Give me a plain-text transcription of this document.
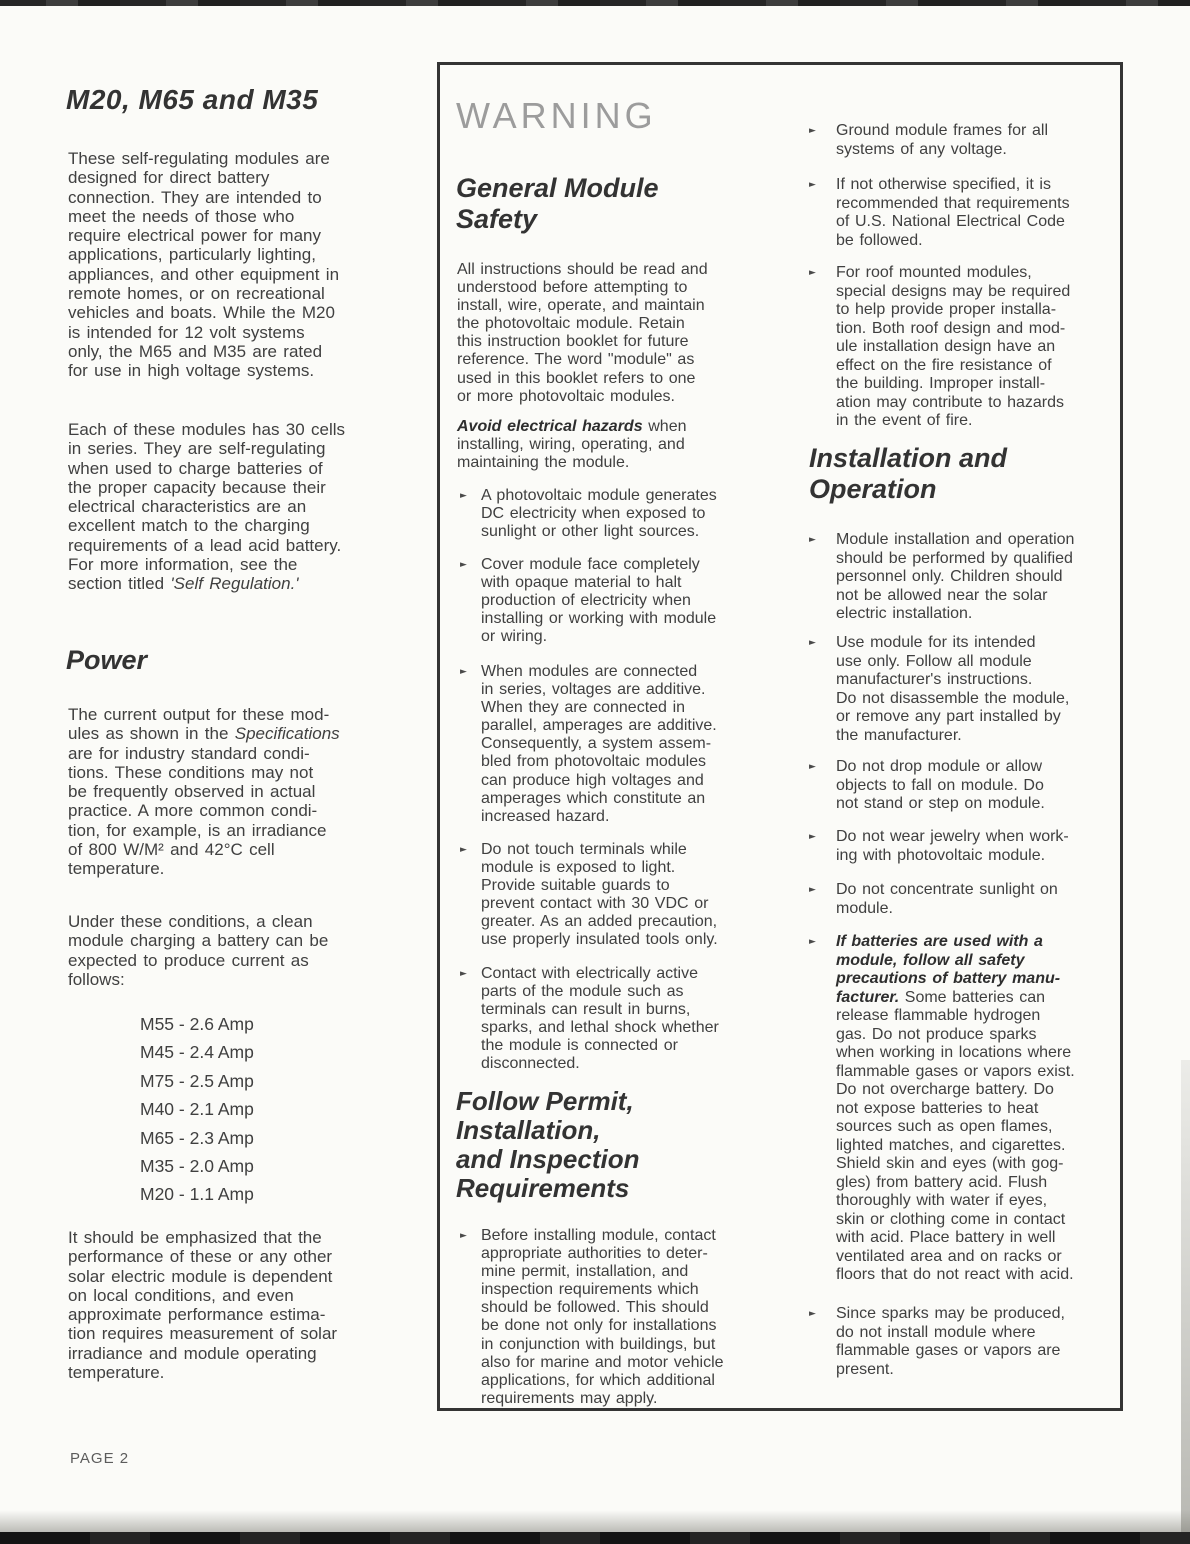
M20, M65 and M35

These self-regulating modules are
designed for direct battery
connection. They are intended to
meet the needs of those who
require electrical power for many
applications, particularly lighting,
appliances, and other equipment in
remote homes, or on recreational
vehicles and boats. While the M20
is intended for 12 volt systems
only, the M65 and M35 are rated
for use in high voltage systems.

Each of these modules has 30 cells
in series. They are self-regulating
when used to charge batteries of
the proper capacity because their
electrical characteristics are an
excellent match to the charging
requirements of a lead acid battery.
For more information, see the
section titled 'Self Regulation.'

Power

The current output for these mod-
ules as shown in the Specifications
are for industry standard condi-
tions. These conditions may not
be frequently observed in actual
practice. A more common condi-
tion, for example, is an irradiance
of 800 W/M² and 42°C cell
temperature.

Under these conditions, a clean
module charging a battery can be
expected to produce current as
follows:

M55 - 2.6 Amp
M45 - 2.4 Amp
M75 - 2.5 Amp
M40 - 2.1 Amp
M65 - 2.3 Amp
M35 - 2.0 Amp
M20 - 1.1 Amp

It should be emphasized that the
performance of these or any other
solar electric module is dependent
on local conditions, and even
approximate performance estima-
tion requires measurement of solar
irradiance and module operating
temperature.

PAGE 2
WARNING
General Module
Safety

All instructions should be read and
understood before attempting to
install, wire, operate, and maintain
the photovoltaic module. Retain
this instruction booklet for future
reference. The word "module" as
used in this booklet refers to one
or more photovoltaic modules.

Avoid electrical hazards when
installing, wiring, operating, and
maintaining the module.

► A photovoltaic module generates
DC electricity when exposed to
sunlight or other light sources.
► Cover module face completely
with opaque material to halt
production of electricity when
installing or working with module
or wiring.
► When modules are connected
in series, voltages are additive.
When they are connected in
parallel, amperages are additive.
Consequently, a system assem-
bled from photovoltaic modules
can produce high voltages and
amperages which constitute an
increased hazard.
► Do not touch terminals while
module is exposed to light.
Provide suitable guards to
prevent contact with 30 VDC or
greater. As an added precaution,
use properly insulated tools only.
► Contact with electrically active
parts of the module such as
terminals can result in burns,
sparks, and lethal shock whether
the module is connected or
disconnected.
Follow Permit,
Installation,
and Inspection
Requirements
► Before installing module, contact
appropriate authorities to deter-
mine permit, installation, and
inspection requirements which
should be followed. This should
be done not only for installations
in conjunction with buildings, but
also for marine and motor vehicle
applications, for which additional
requirements may apply.
►	Ground module frames for all
systems of any voltage.
►	If not otherwise specified, it is
recommended that requirements
of U.S. National Electrical Code
be followed.
►	For roof mounted modules,
special designs may be required
to help provide proper installa-
tion. Both roof design and mod-
ule installation design have an
effect on the fire resistance of
the building. Improper install-
ation may contribute to hazards
in the event of fire.
Installation and
Operation
►	Module installation and operation
should be performed by qualified
personnel only. Children should
not be allowed near the solar
electric installation.
►	Use module for its intended
use only. Follow all module
manufacturer's instructions.
Do not disassemble the module,
or remove any part installed by
the manufacturer.
►	Do not drop module or allow
objects to fall on module. Do
not stand or step on module.
►	Do not wear jewelry when work-
ing with photovoltaic module.
►	Do not concentrate sunlight on
module.
►	If batteries are used with a
module, follow all safety
precautions of battery manu-
facturer. Some batteries can
release flammable hydrogen
gas. Do not produce sparks
when working in locations where
flammable gases or vapors exist.
Do not overcharge battery. Do
not expose batteries to heat
sources such as open flames,
lighted matches, and cigarettes.
Shield skin and eyes (with gog-
gles) from battery acid. Flush
thoroughly with water if eyes,
skin or clothing come in contact
with acid. Place battery in well
ventilated area and on racks or
floors that do not react with acid.
►	Since sparks may be produced,
do not install module where
flammable gases or vapors are
present.
